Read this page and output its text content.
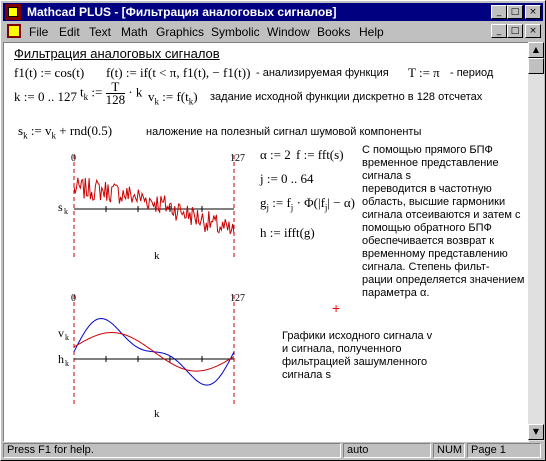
Mathcad PLUS - [Фильтрация аналоговых сигналов]	_	□	×
File Edit Text Math Graphics Symbolic Window Books Help	_	□	×
Фильтрация аналоговых сигналов
f1(t) := cos(t) f(t) := if(t < π, f1(t), − f1(t)) - анализируемая функция T := π - период
k := 0 .. 127 $t_k$ := $\frac{T}{128} \cdot k$ $v_k$ := $f(t_k)$ задание исходной функции дискретно в 128 отсчетах
$s_k$ := $v_k + rnd(0.5)$	наложение на полезный сигнал шумовой компоненты
α := 2 f := fft(s)
j := 0 .. 64
$g_j$ := $f_j \cdot \Phi(|f_j| - \alpha)$
h := ifft(g)
С помощью прямого БПФ
временное представление
сигнала s
переводится в частотную
область, высшие гармоники
сигнала отсеиваются и затем с
помощью обратного БПФ
обеспечивается возврат к
временному представлению
сигнала. Степень фильт-
рации определяется значением
параметра α.
+
Графики исходного сигнала v
и сигнала, полученного
фильтрацией зашумленного
сигнала s
0	127
s k
k
0	127
v k
h k
k
▲
▼
Press F1 for help.	auto	NUM Page 1
